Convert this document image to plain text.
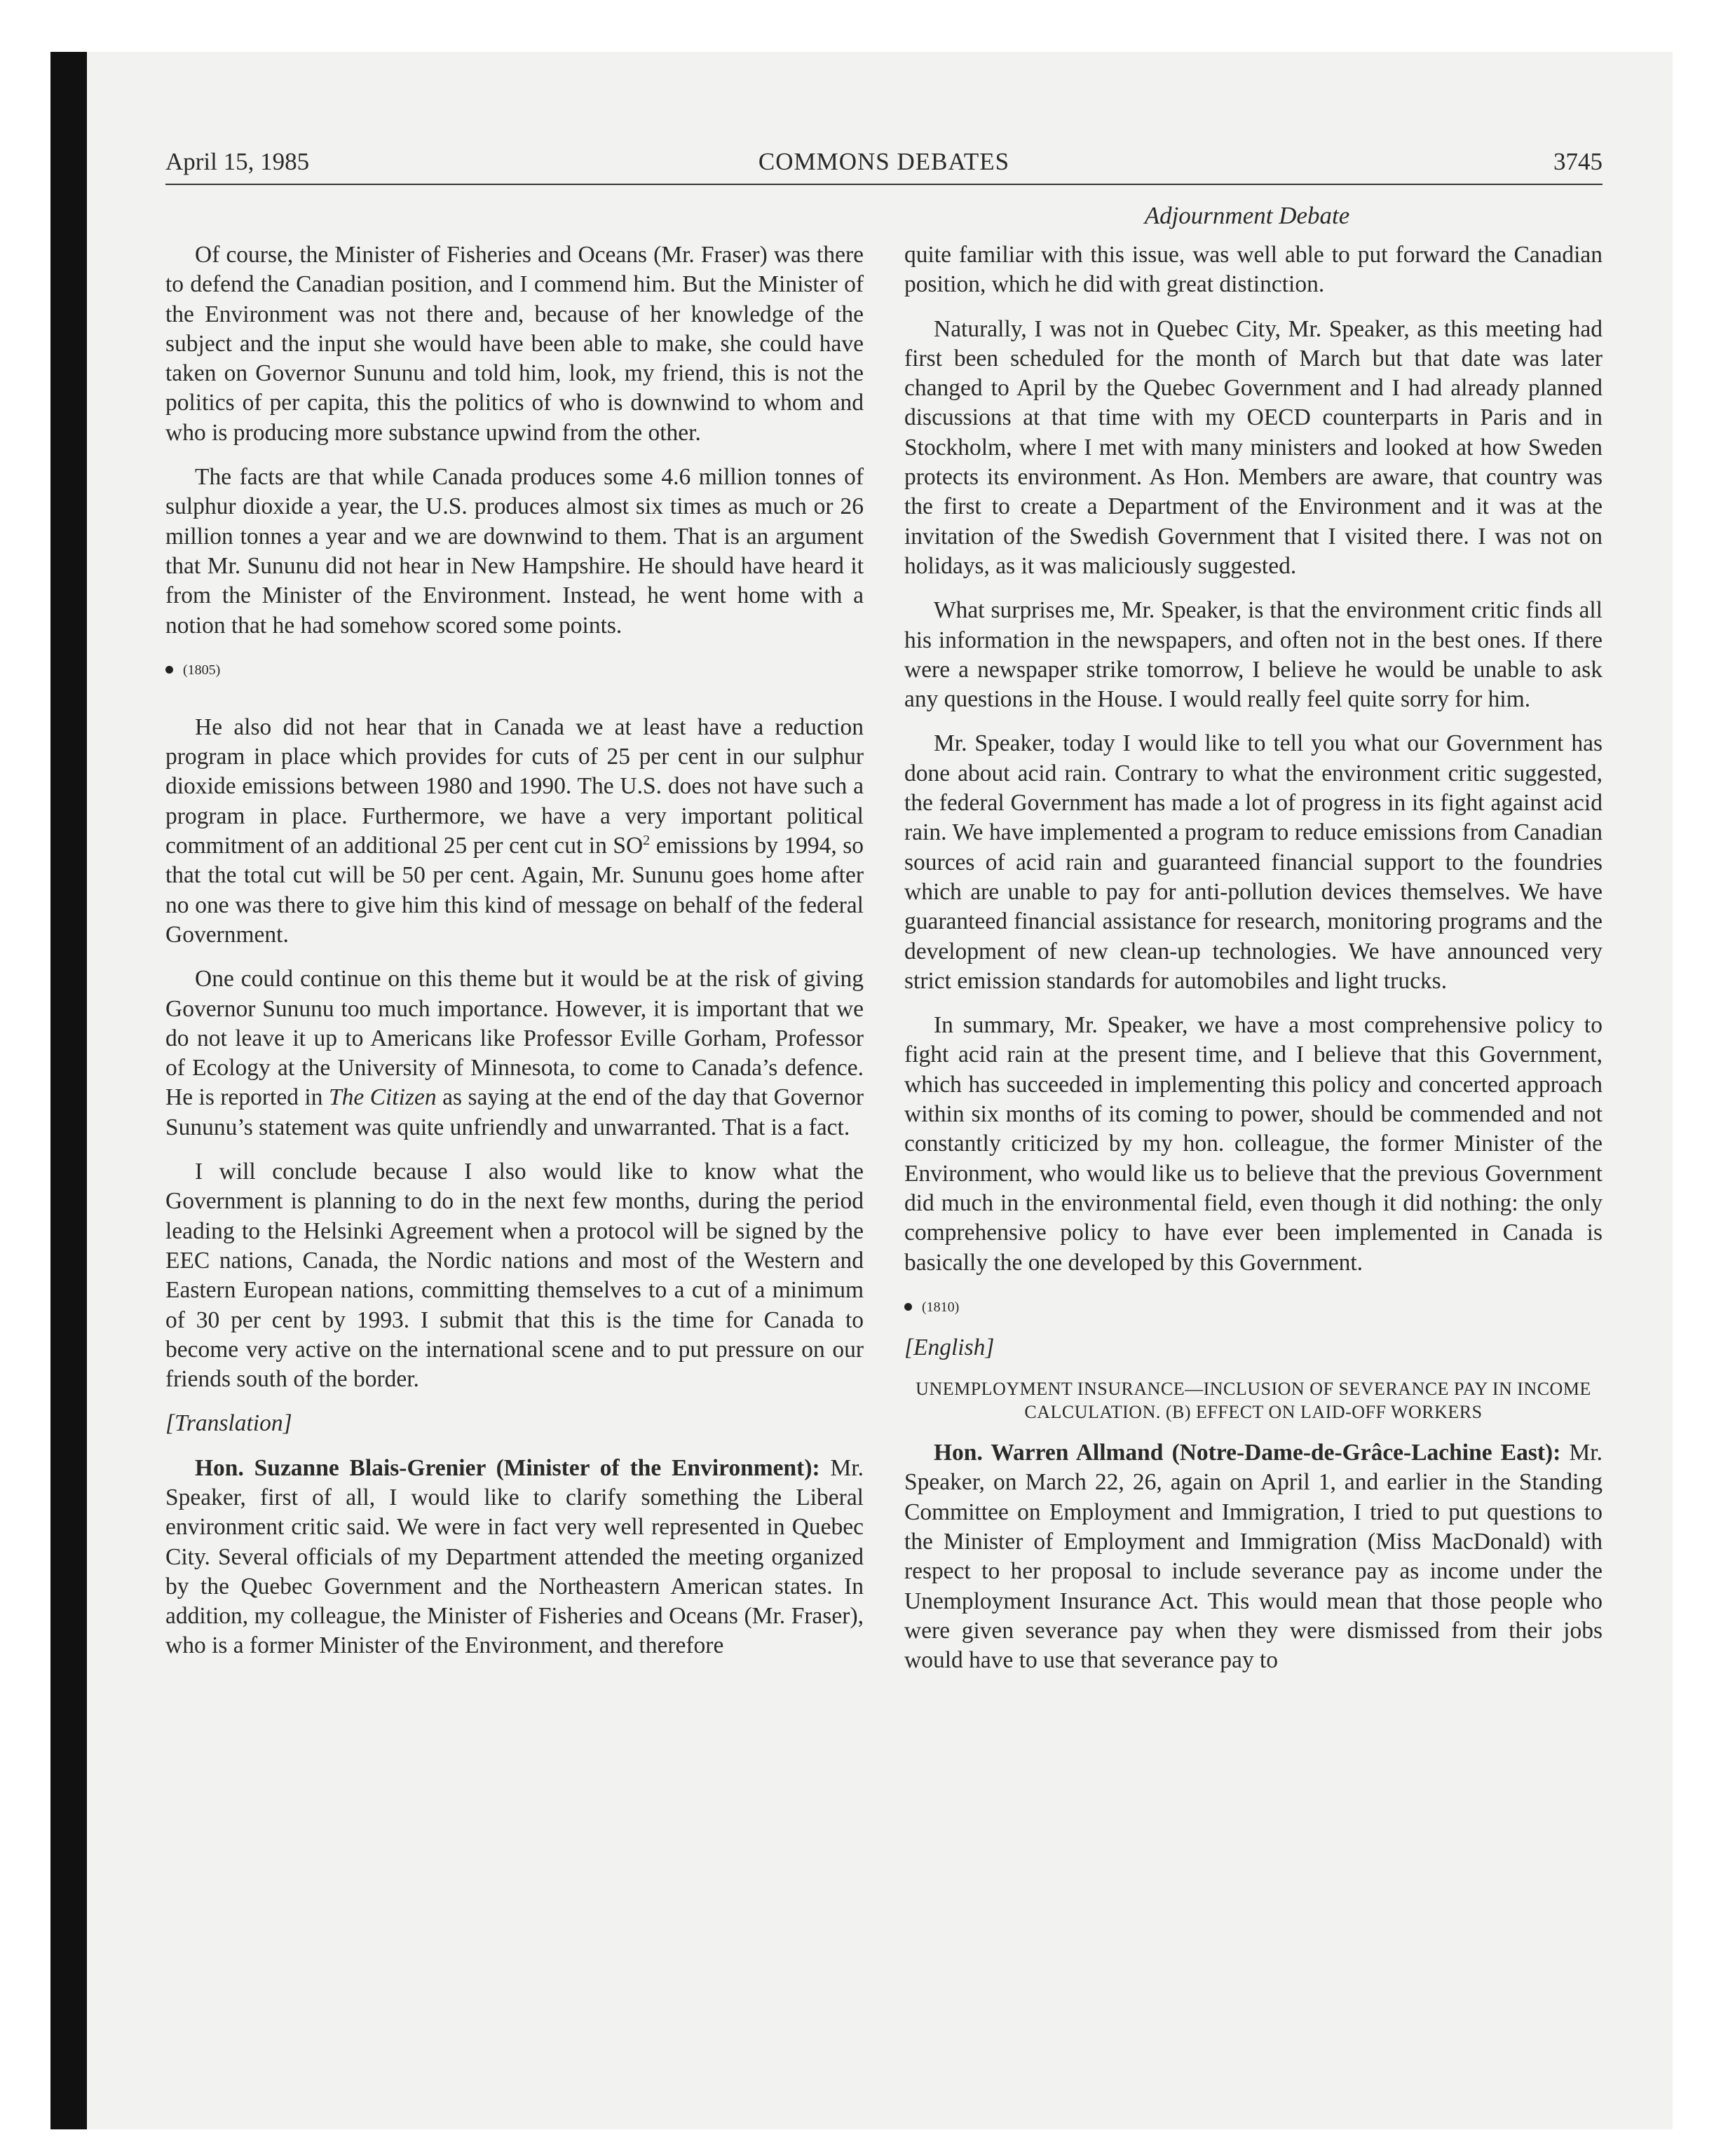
April 15, 1985	COMMONS DEBATES	3745
Adjournment Debate

Of course, the Minister of Fisheries and Oceans (Mr. Fraser) was there to defend the Canadian position, and I commend him. But the Minister of the Environment was not there and, because of her knowledge of the subject and the input she would have been able to make, she could have taken on Governor Sununu and told him, look, my friend, this is not the politics of per capita, this the politics of who is downwind to whom and who is producing more substance upwind from the other.

The facts are that while Canada produces some 4.6 million tonnes of sulphur dioxide a year, the U.S. produces almost six times as much or 26 million tonnes a year and we are downwind to them. That is an argument that Mr. Sununu did not hear in New Hampshire. He should have heard it from the Minister of the Environment. Instead, he went home with a notion that he had somehow scored some points.

(1805)

He also did not hear that in Canada we at least have a reduction program in place which provides for cuts of 25 per cent in our sulphur dioxide emissions between 1980 and 1990. The U.S. does not have such a program in place. Furthermore, we have a very important political commitment of an additional 25 per cent cut in $SO^2$ emissions by 1994, so that the total cut will be 50 per cent. Again, Mr. Sununu goes home after no one was there to give him this kind of message on behalf of the federal Government.

One could continue on this theme but it would be at the risk of giving Governor Sununu too much importance. However, it is important that we do not leave it up to Americans like Professor Eville Gorham, Professor of Ecology at the University of Minnesota, to come to Canada’s defence. He is reported in The Citizen as saying at the end of the day that Governor Sununu’s statement was quite unfriendly and unwarranted. That is a fact.

I will conclude because I also would like to know what the Government is planning to do in the next few months, during the period leading to the Helsinki Agreement when a protocol will be signed by the EEC nations, Canada, the Nordic nations and most of the Western and Eastern European nations, committing themselves to a cut of a minimum of 30 per cent by 1993. I submit that this is the time for Canada to become very active on the international scene and to put pressure on our friends south of the border.

[Translation]

Hon. Suzanne Blais-Grenier (Minister of the Environment): Mr. Speaker, first of all, I would like to clarify something the Liberal environment critic said. We were in fact very well represented in Quebec City. Several officials of my Department attended the meeting organized by the Quebec Government and the Northeastern American states. In addition, my colleague, the Minister of Fisheries and Oceans (Mr. Fraser), who is a former Minister of the Environment, and therefore

quite familiar with this issue, was well able to put forward the Canadian position, which he did with great distinction.

Naturally, I was not in Quebec City, Mr. Speaker, as this meeting had first been scheduled for the month of March but that date was later changed to April by the Quebec Government and I had already planned discussions at that time with my OECD counterparts in Paris and in Stockholm, where I met with many ministers and looked at how Sweden protects its environment. As Hon. Members are aware, that country was the first to create a Department of the Environment and it was at the invitation of the Swedish Government that I visited there. I was not on holidays, as it was maliciously suggested.

What surprises me, Mr. Speaker, is that the environment critic finds all his information in the newspapers, and often not in the best ones. If there were a newspaper strike tomorrow, I believe he would be unable to ask any questions in the House. I would really feel quite sorry for him.

Mr. Speaker, today I would like to tell you what our Government has done about acid rain. Contrary to what the environment critic suggested, the federal Government has made a lot of progress in its fight against acid rain. We have implemented a program to reduce emissions from Canadian sources of acid rain and guaranteed financial support to the foundries which are unable to pay for anti-pollution devices themselves. We have guaranteed financial assistance for research, monitoring programs and the development of new clean-up technologies. We have announced very strict emission standards for automobiles and light trucks.

In summary, Mr. Speaker, we have a most comprehensive policy to fight acid rain at the present time, and I believe that this Government, which has succeeded in implementing this policy and concerted approach within six months of its coming to power, should be commended and not constantly criticized by my hon. colleague, the former Minister of the Environment, who would like us to believe that the previous Government did much in the environmental field, even though it did nothing: the only comprehensive policy to have ever been implemented in Canada is basically the one developed by this Government.

(1810)

[English]

UNEMPLOYMENT INSURANCE—INCLUSION OF SEVERANCE PAY IN INCOME CALCULATION. (B) EFFECT ON LAID-OFF WORKERS

Hon. Warren Allmand (Notre-Dame-de-Grâce-Lachine East): Mr. Speaker, on March 22, 26, again on April 1, and earlier in the Standing Committee on Employment and Immigration, I tried to put questions to the Minister of Employment and Immigration (Miss MacDonald) with respect to her proposal to include severance pay as income under the Unemployment Insurance Act. This would mean that those people who were given severance pay when they were dismissed from their jobs would have to use that severance pay to
